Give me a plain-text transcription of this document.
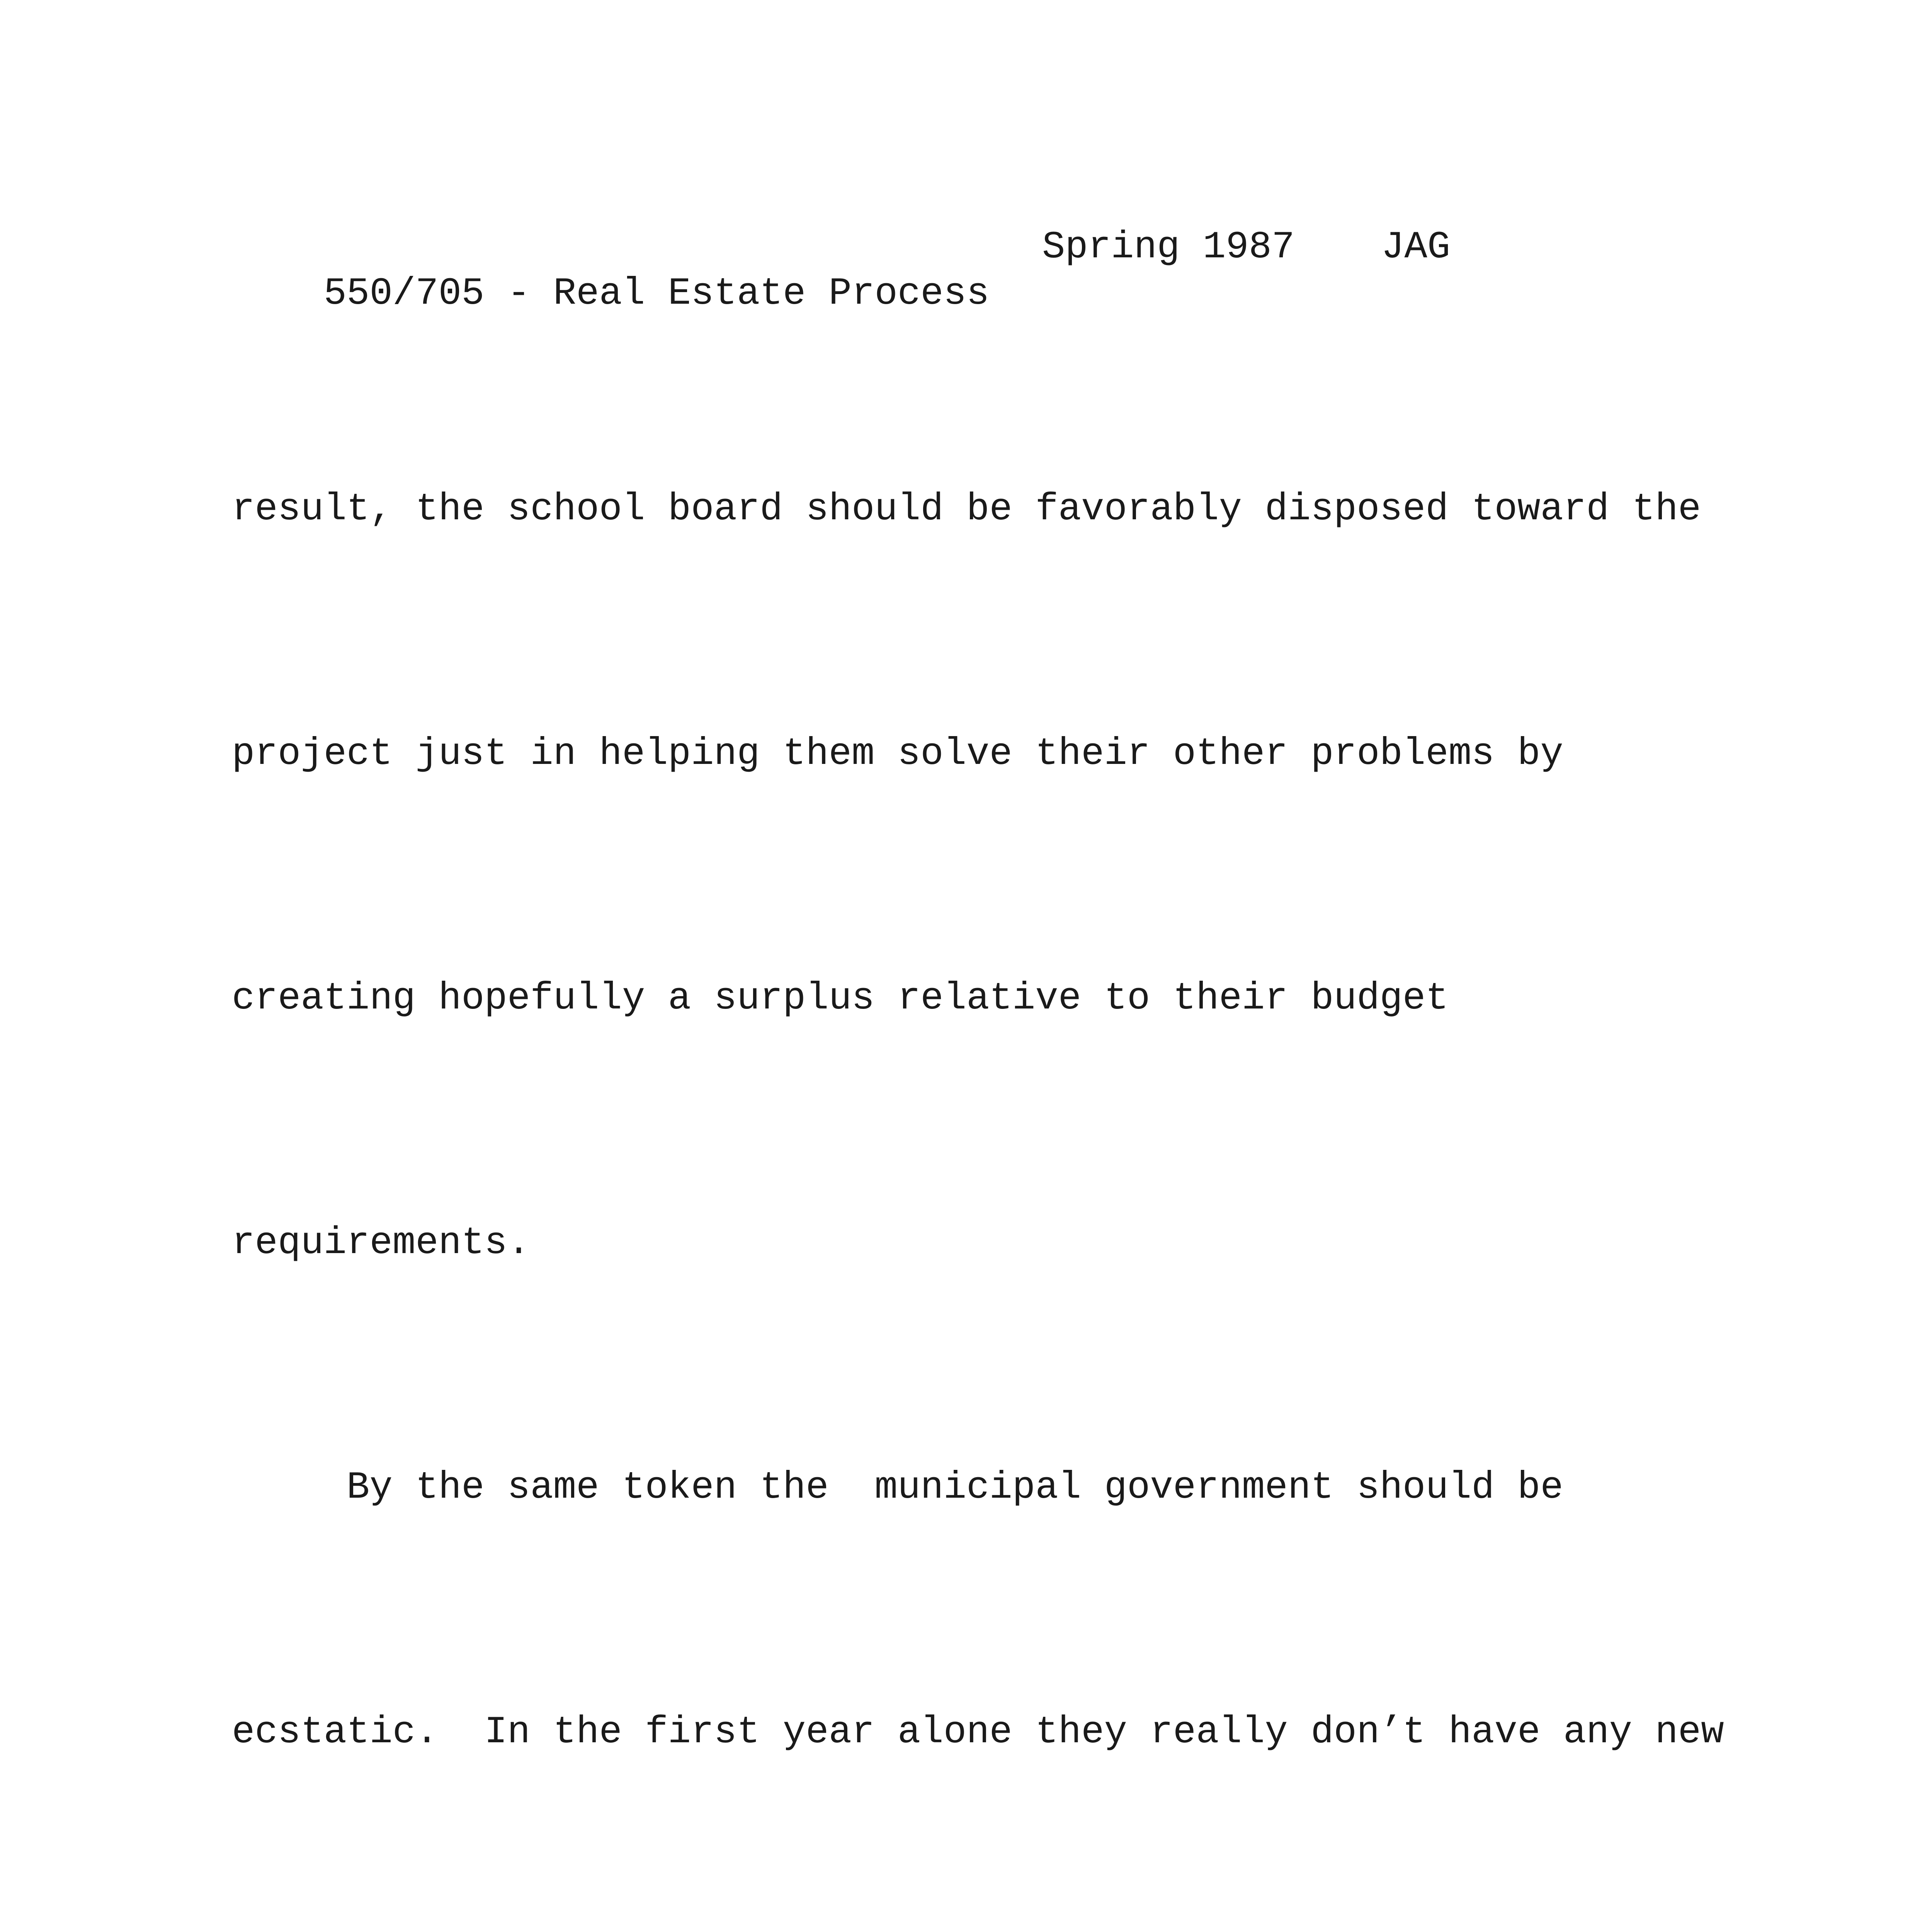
550/705 - Real Estate Process

Spring 1987

JAG

result, the school board should be favorably disposed toward the

project just in helping them solve their other problems by

creating hopefully a surplus relative to their budget

requirements.

By the same token the  municipal government should be

ecstatic.  In the first year alone they really don’t have any new
